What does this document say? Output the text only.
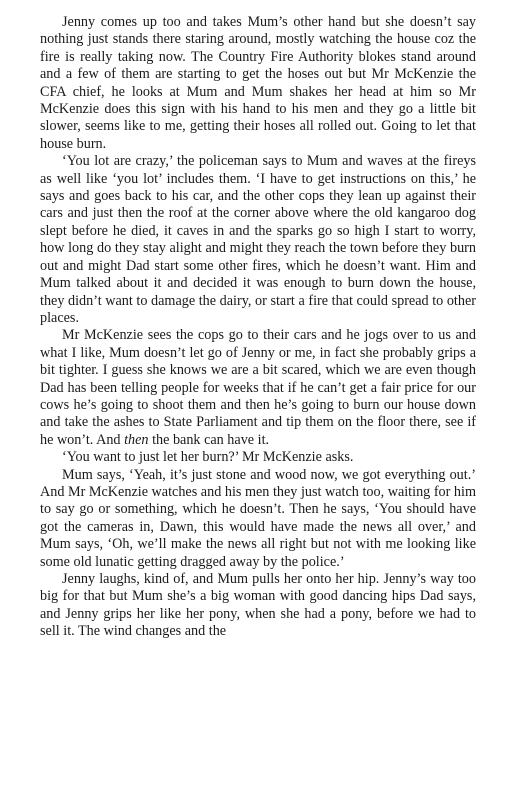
Jenny comes up too and takes Mum’s other hand but she doesn’t say nothing just stands there staring around, mostly watching the house coz the fire is really taking now. The Country Fire Authority blokes stand around and a few of them are starting to get the hoses out but Mr McKenzie the CFA chief, he looks at Mum and Mum shakes her head at him so Mr McKenzie does this sign with his hand to his men and they go a little bit slower, seems like to me, getting their hoses all rolled out. Going to let that house burn.

‘You lot are crazy,’ the policeman says to Mum and waves at the fireys as well like ‘you lot’ includes them. ‘I have to get instructions on this,’ he says and goes back to his car, and the other cops they lean up against their cars and just then the roof at the corner above where the old kangaroo dog slept before he died, it caves in and the sparks go so high I start to worry, how long do they stay alight and might they reach the town before they burn out and might Dad start some other fires, which he doesn’t want. Him and Mum talked about it and decided it was enough to burn down the house, they didn’t want to damage the dairy, or start a fire that could spread to other places.

Mr McKenzie sees the cops go to their cars and he jogs over to us and what I like, Mum doesn’t let go of Jenny or me, in fact she probably grips a bit tighter. I guess she knows we are a bit scared, which we are even though Dad has been telling people for weeks that if he can’t get a fair price for our cows he’s going to shoot them and then he’s going to burn our house down and take the ashes to State Parliament and tip them on the floor there, see if he won’t. And then the bank can have it.

‘You want to just let her burn?’ Mr McKenzie asks.

Mum says, ‘Yeah, it’s just stone and wood now, we got everything out.’ And Mr McKenzie watches and his men they just watch too, waiting for him to say go or something, which he doesn’t. Then he says, ‘You should have got the cameras in, Dawn, this would have made the news all over,’ and Mum says, ‘Oh, we’ll make the news all right but not with me looking like some old lunatic getting dragged away by the police.’

Jenny laughs, kind of, and Mum pulls her onto her hip. Jenny’s way too big for that but Mum she’s a big woman with good dancing hips Dad says, and Jenny grips her like her pony, when she had a pony, before we had to sell it. The wind changes and the
